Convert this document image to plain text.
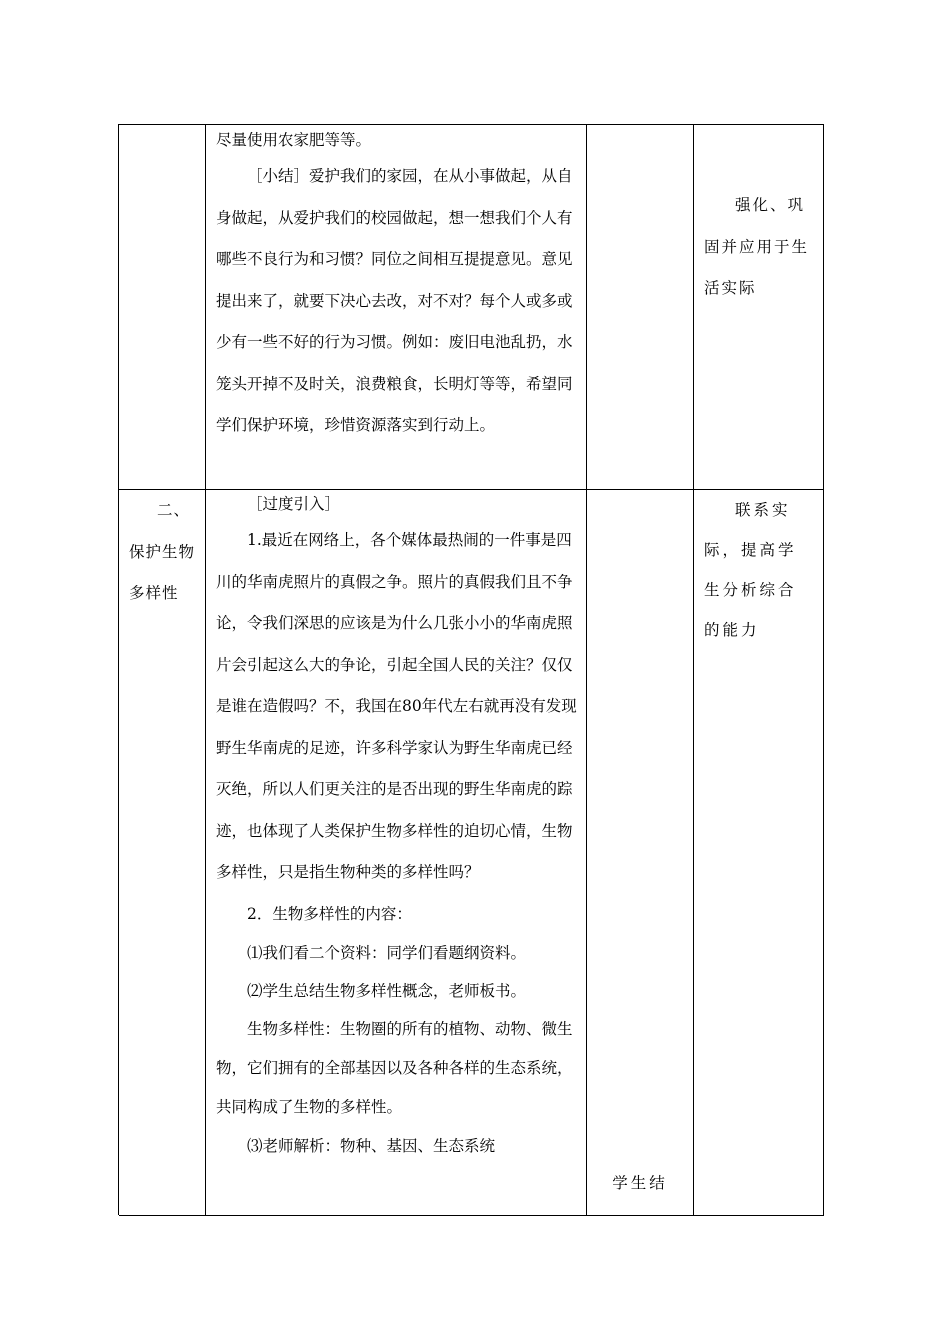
尽量使用农家肥等等。

［小结］爱护我们的家园，在从小事做起，从自身做起，从爱护我们的校园做起，想一想我们个人有哪些不良行为和习惯？同位之间相互提提意见。意见提出来了，就要下决心去改，对不对？每个人或多或少有一些不好的行为习惯。例如：废旧电池乱扔，水笼头开掉不及时关，浪费粮食，长明灯等等，希望同学们保护环境，珍惜资源落实到行动上。

强化、巩固并应用于生活实际
二、
保护生物
多样性

［过度引入］

1.最近在网络上，各个媒体最热闹的一件事是四川的华南虎照片的真假之争。照片的真假我们且不争论，令我们深思的应该是为什么几张小小的华南虎照片会引起这么大的争论，引起全国人民的关注？仅仅是谁在造假吗？不，我国在80年代左右就再没有发现野生华南虎的足迹，许多科学家认为野生华南虎已经灭绝，所以人们更关注的是否出现的野生华南虎的踪迹，也体现了人类保护生物多样性的迫切心情，生物多样性，只是指生物种类的多样性吗？

2．生物多样性的内容：

⑴我们看二个资料：同学们看题纲资料。

⑵学生总结生物多样性概念，老师板书。

生物多样性：生物圈的所有的植物、动物、微生物，它们拥有的全部基因以及各种各样的生态系统，共同构成了生物的多样性。

⑶老师解析：物种、基因、生态系统

学生结
联系实际，提高学生分析综合的能力
